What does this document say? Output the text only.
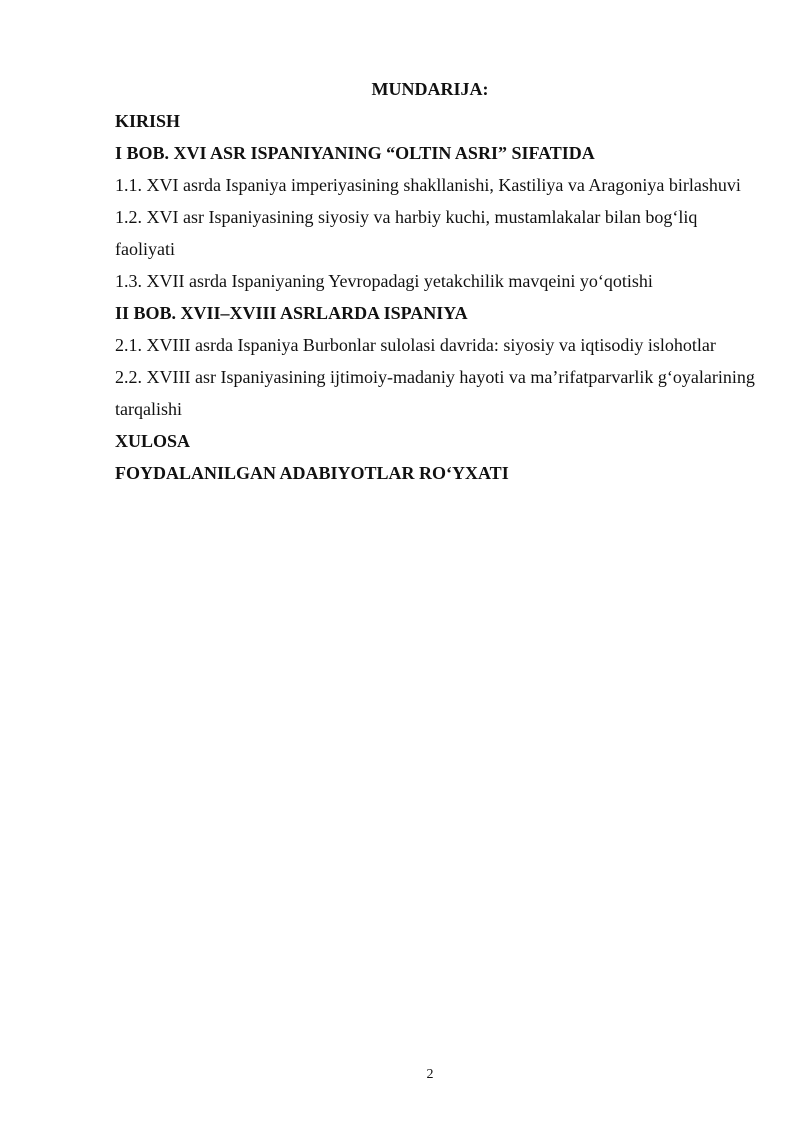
MUNDARIJA:
KIRISH
I BOB. XVI ASR ISPANIYANING “OLTIN ASRI” SIFATIDA
1.1. XVI asrda Ispaniya imperiyasining shakllanishi, Kastiliya va Aragoniya birlashuvi
1.2. XVI asr Ispaniyasining siyosiy va harbiy kuchi, mustamlakalar bilan bog‘liq faoliyati
1.3. XVII asrda Ispaniyaning Yevropadagi yetakchilik mavqeini yo‘qotishi
II BOB. XVII–XVIII ASRLARDA ISPANIYA
2.1. XVIII asrda Ispaniya Burbonlar sulolasi davrida: siyosiy va iqtisodiy islohotlar
2.2. XVIII asr Ispaniyasining ijtimoiy-madaniy hayoti va ma’rifatparvarlik g‘oyalarining tarqalishi
XULOSA
FOYDALANILGAN ADABIYOTLAR RO‘YXATI
2
